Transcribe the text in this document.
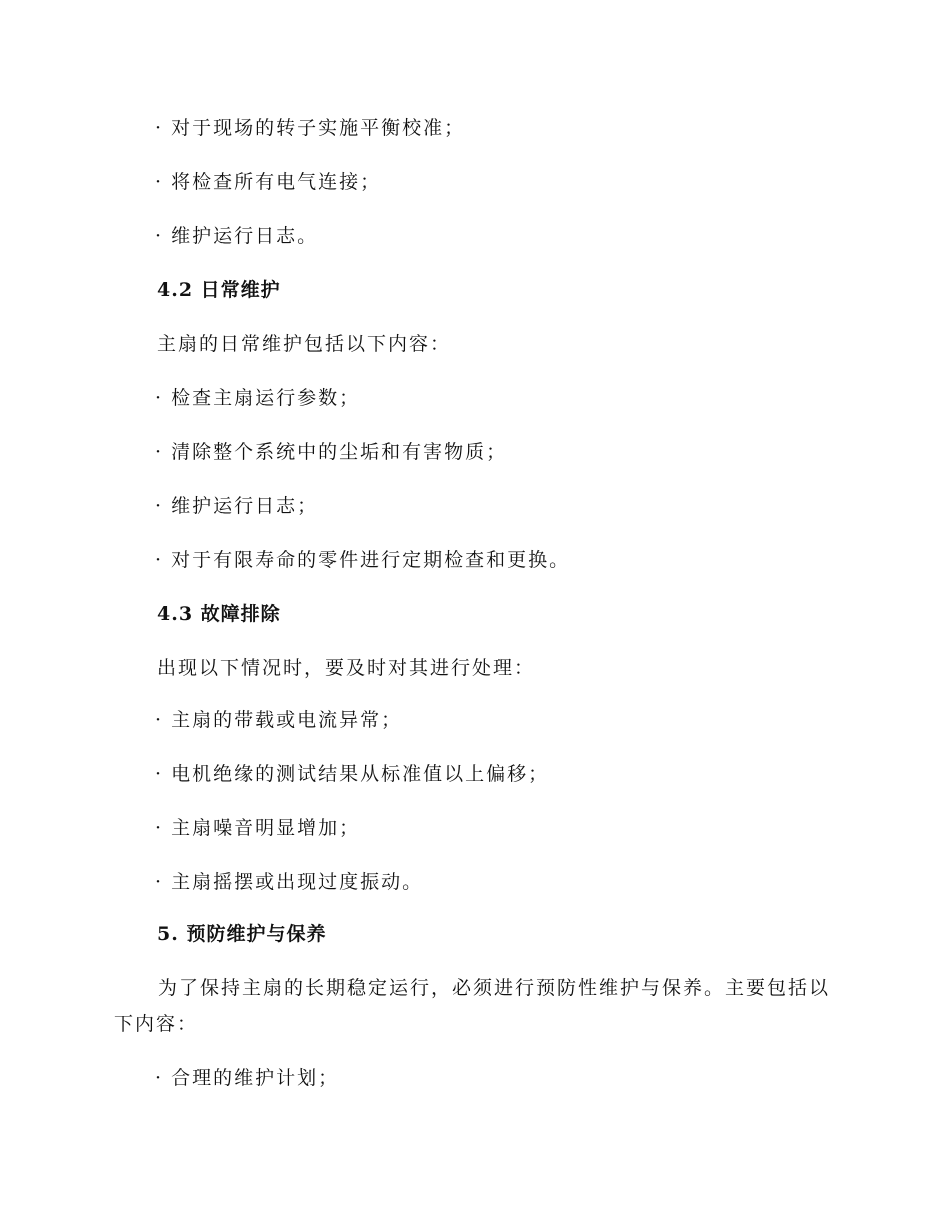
· 对于现场的转子实施平衡校准；
· 将检查所有电气连接；
· 维护运行日志。
4.2 日常维护
主扇的日常维护包括以下内容：
· 检查主扇运行参数；
· 清除整个系统中的尘垢和有害物质；
· 维护运行日志；
· 对于有限寿命的零件进行定期检查和更换。
4.3 故障排除
出现以下情况时，要及时对其进行处理：
· 主扇的带载或电流异常；
· 电机绝缘的测试结果从标准值以上偏移；
· 主扇噪音明显增加；
· 主扇摇摆或出现过度振动。
5. 预防维护与保养
为了保持主扇的长期稳定运行，必须进行预防性维护与保养。主要包括以下内容：
· 合理的维护计划；
